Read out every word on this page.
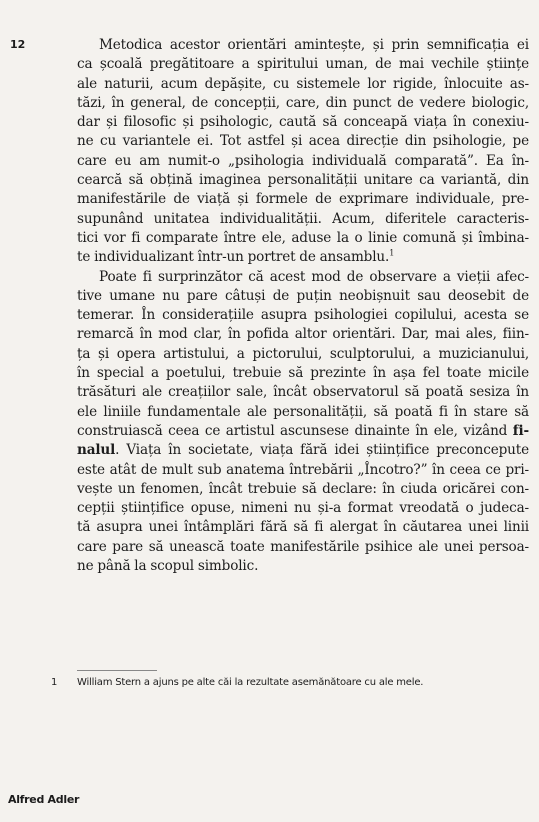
12	Metodica acestor orientări amintește, și prin semnificația ei
ca școală pregătitoare a spiritului uman, de mai vechile științe
ale naturii, acum depășite, cu sistemele lor rigide, înlocuite as-
tăzi, în general, de concepții, care, din punct de vedere biologic,
dar și filosofic și psihologic, caută să conceapă viața în conexiu-
ne cu variantele ei. Tot astfel și acea direcție din psihologie, pe
care eu am numit-o „psihologia individuală comparată”. Ea în-
cearcă să obțină imaginea personalității unitare ca variantă, din
manifestările de viață și formele de exprimare individuale, pre-
supunând unitatea individualității. Acum, diferitele caracteris-
tici vor fi comparate între ele, aduse la o linie comună și îmbina-
te individualizant într-un portret de ansamblu.$^1$
Poate fi surprinzător că acest mod de observare a vieții afec-
tive umane nu pare câtuși de puțin neobișnuit sau deosebit de
temerar. În considerațiile asupra psihologiei copilului, acesta se
remarcă în mod clar, în pofida altor orientări. Dar, mai ales, fiin-
ța și opera artistului, a pictorului, sculptorului, a muzicianului,
în special a poetului, trebuie să prezinte în așa fel toate micile
trăsături ale creațiilor sale, încât observatorul să poată sesiza în
ele liniile fundamentale ale personalității, să poată fi în stare să
construiască ceea ce artistul ascunsese dinainte în ele, vizând fi-
nalul. Viața în societate, viața fără idei științifice preconcepute
este atât de mult sub anatema întrebării „Încotro?” în ceea ce pri-
vește un fenomen, încât trebuie să declare: în ciuda oricărei con-
cepții științifice opuse, nimeni nu și-a format vreodată o judeca-
tă asupra unei întâmplări fără să fi alergat în căutarea unei linii
care pare să unească toate manifestările psihice ale unei persoa-
ne până la scopul simbolic.
1 William Stern a ajuns pe alte căi la rezultate asemănătoare cu ale mele.
Alfred Adler
